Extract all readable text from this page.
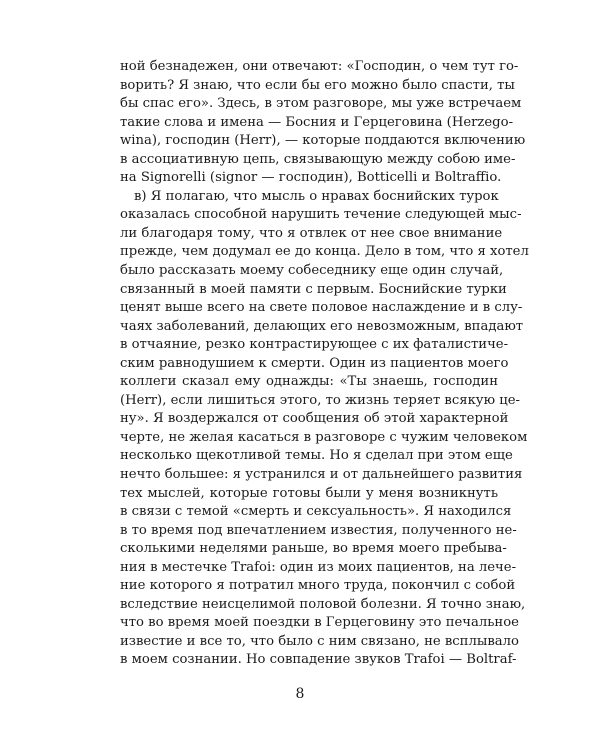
ной безнадежен, они отвечают: «Господин, о чем тут го-
ворить? Я знаю, что если бы его можно было спасти, ты
бы спас его». Здесь, в этом разговоре, мы уже встречаем
такие слова и имена — Босния и Герцеговина (Herzego-
wina), господин (Herr), — которые поддаются включению
в ассоциативную цепь, связывающую между собою име-
на Signorelli (signor — господин), Botticelli и Boltraffio.
в) Я полагаю, что мысль о нравах боснийских турок
оказалась способной нарушить течение следующей мыс-
ли благодаря тому, что я отвлек от нее свое внимание
прежде, чем додумал ее до конца. Дело в том, что я хотел
было рассказать моему собеседнику еще один случай,
связанный в моей памяти с первым. Боснийские турки
ценят выше всего на свете половое наслаждение и в слу-
чаях заболеваний, делающих его невозможным, впадают
в отчаяние, резко контрастирующее с их фаталистиче-
ским равнодушием к смерти. Один из пациентов моего
коллеги сказал ему однажды: «Ты знаешь, господин
(Herr), если лишиться этого, то жизнь теряет всякую це-
ну». Я воздержался от сообщения об этой характерной
черте, не желая касаться в разговоре с чужим человеком
несколько щекотливой темы. Но я сделал при этом еще
нечто большее: я устранился и от дальнейшего развития
тех мыслей, которые готовы были у меня возникнуть
в связи с темой «смерть и сексуальность». Я находился
в то время под впечатлением известия, полученного не-
сколькими неделями раньше, во время моего пребыва-
ния в местечке Trafoi: один из моих пациентов, на лече-
ние которого я потратил много труда, покончил с собой
вследствие неисцелимой половой болезни. Я точно знаю,
что во время моей поездки в Герцеговину это печальное
известие и все то, что было с ним связано, не всплывало
в моем сознании. Но совпадение звуков Trafoi — Boltraf-
8
